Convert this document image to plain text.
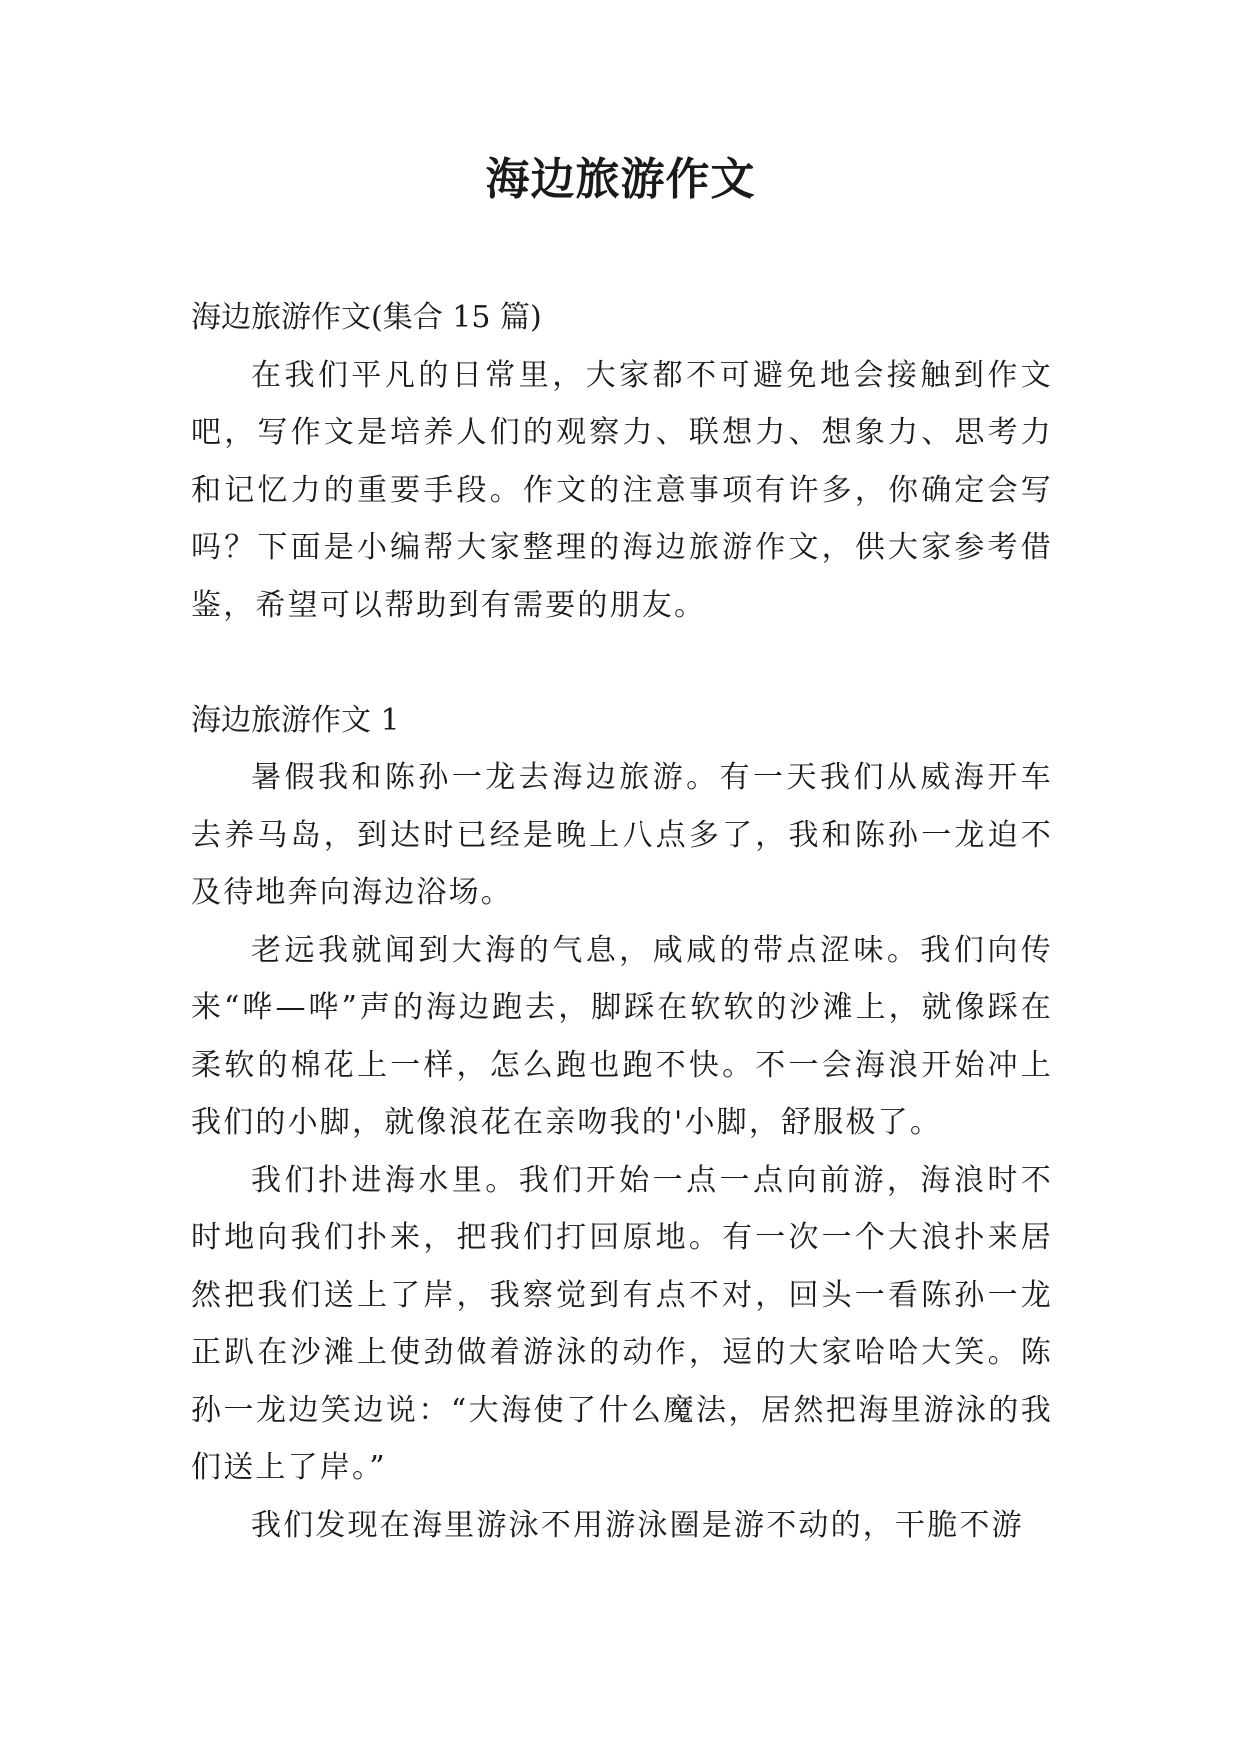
海边旅游作文

海边旅游作文(集合 15 篇)

在我们平凡的日常里，大家都不可避免地会接触到作文吧，写作文是培养人们的观察力、联想力、想象力、思考力和记忆力的重要手段。作文的注意事项有许多，你确定会写吗？下面是小编帮大家整理的海边旅游作文，供大家参考借鉴，希望可以帮助到有需要的朋友。

海边旅游作文 1

暑假我和陈孙一龙去海边旅游。有一天我们从威海开车去养马岛，到达时已经是晚上八点多了，我和陈孙一龙迫不及待地奔向海边浴场。

老远我就闻到大海的气息，咸咸的带点涩味。我们向传来“哗—哗”声的海边跑去，脚踩在软软的沙滩上，就像踩在柔软的棉花上一样，怎么跑也跑不快。不一会海浪开始冲上我们的小脚，就像浪花在亲吻我的'小脚，舒服极了。

我们扑进海水里。我们开始一点一点向前游，海浪时不时地向我们扑来，把我们打回原地。有一次一个大浪扑来居然把我们送上了岸，我察觉到有点不对，回头一看陈孙一龙正趴在沙滩上使劲做着游泳的动作，逗的大家哈哈大笑。陈孙一龙边笑边说：“大海使了什么魔法，居然把海里游泳的我们送上了岸。”

我们发现在海里游泳不用游泳圈是游不动的，干脆不游
